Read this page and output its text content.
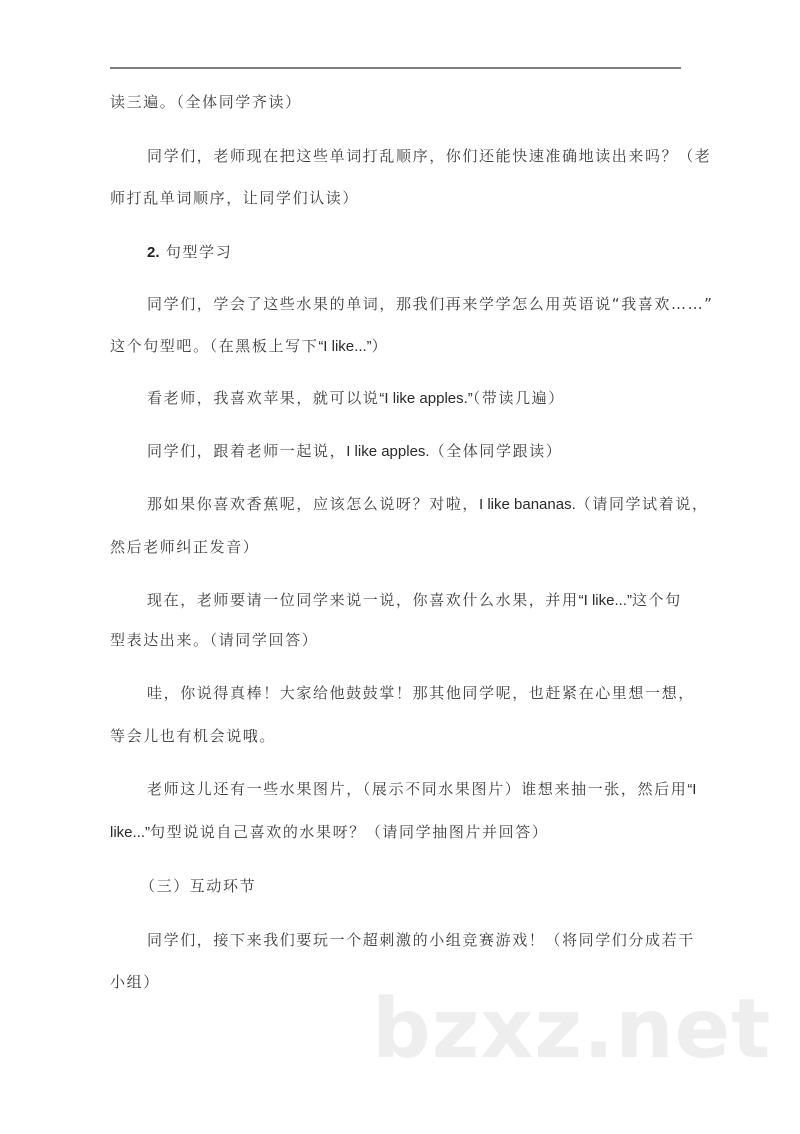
读三遍。（全体同学齐读）
同学们，老师现在把这些单词打乱顺序，你们还能快速准确地读出来吗？（老
师打乱单词顺序，让同学们认读）
2. 句型学习
同学们，学会了这些水果的单词，那我们再来学学怎么用英语说“我喜欢……”
这个句型吧。（在黑板上写下“I like...”）
看老师，我喜欢苹果，就可以说“I like apples.”（带读几遍）
同学们，跟着老师一起说，I like apples.（全体同学跟读）
那如果你喜欢香蕉呢，应该怎么说呀？对啦，I like bananas.（请同学试着说，
然后老师纠正发音）
现在，老师要请一位同学来说一说，你喜欢什么水果，并用“I like...”这个句
型表达出来。（请同学回答）
哇，你说得真棒！大家给他鼓鼓掌！那其他同学呢，也赶紧在心里想一想，
等会儿也有机会说哦。
老师这儿还有一些水果图片，（展示不同水果图片）谁想来抽一张，然后用“I
like...”句型说说自己喜欢的水果呀？（请同学抽图片并回答）
（三）互动环节
同学们，接下来我们要玩一个超刺激的小组竞赛游戏！（将同学们分成若干
小组）	bzxz.net
